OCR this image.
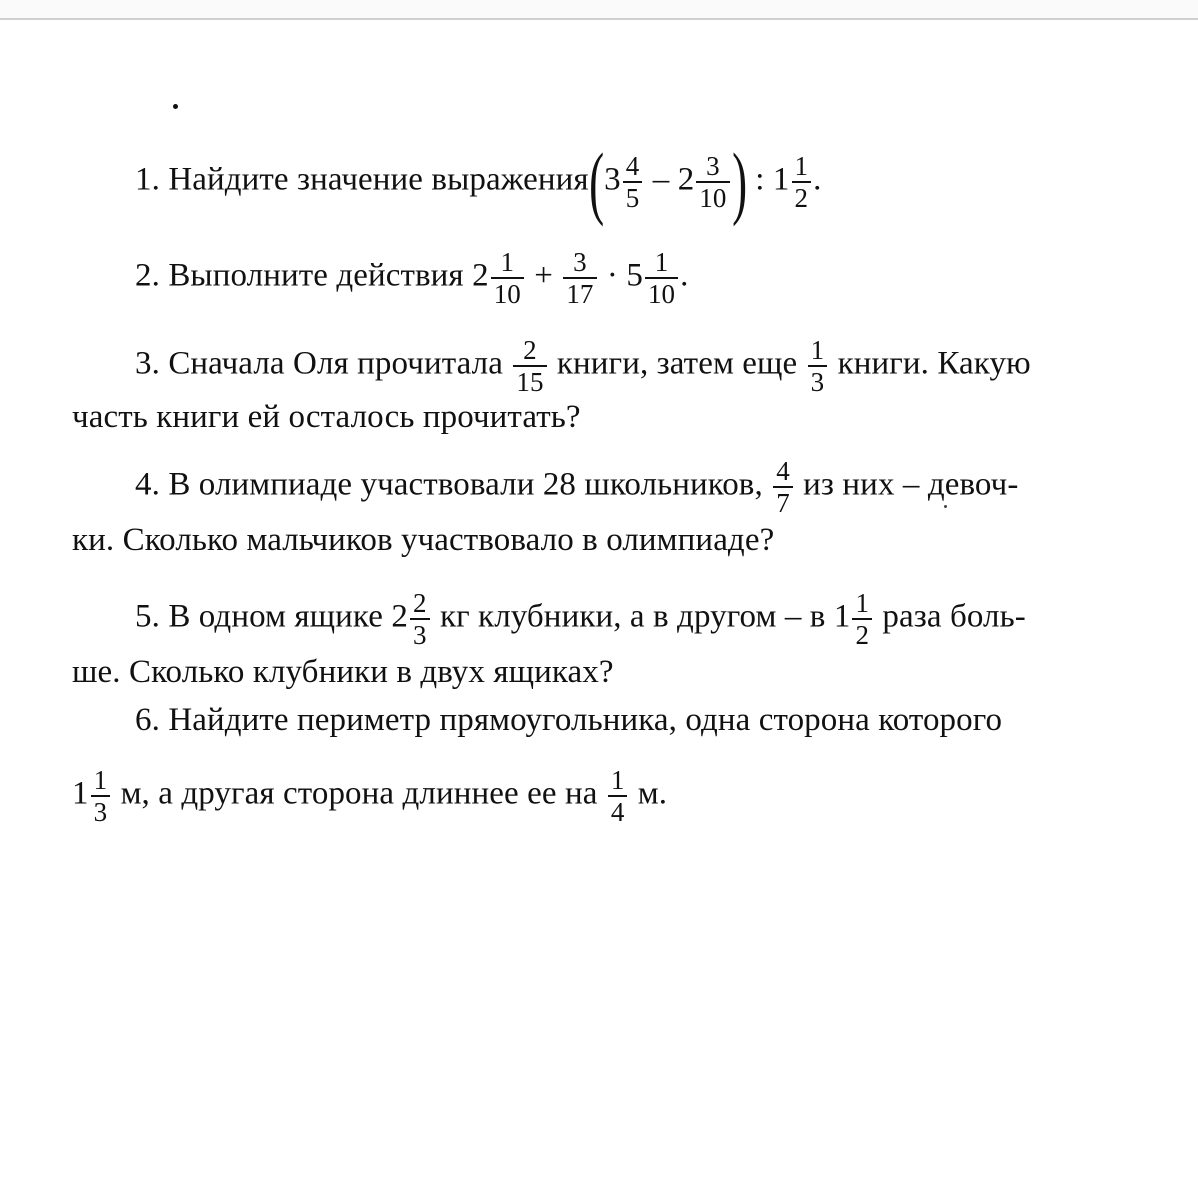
1. Найдите значение выражения(3 $\frac{4}{5} - 2 \frac{3}{10}$ ) : $1 \frac{1}{2}$ .
2. Выполните действия $2 \frac{1}{10} + \frac{3}{17} \cdot 5 \frac{1}{10}$ .
3. Сначала Оля прочитала $\frac{2}{15}$ книги, затем еще $\frac{1}{3}$ книги. Какую
часть книги ей осталось прочитать?
4. В олимпиаде участвовали 28 школьников, $\frac{4}{7}$ из них – девоч-
ки. Сколько мальчиков участвовало в олимпиаде?
5. В одном ящике $2 \frac{2}{3}$ кг клубники, а в другом – в $1 \frac{1}{2}$ раза боль-
ше. Сколько клубники в двух ящиках?
6. Найдите периметр прямоугольника, одна сторона которого
$1 \frac{1}{3} м$, а другая сторона длиннее ее на $\frac{1}{4} м$.
